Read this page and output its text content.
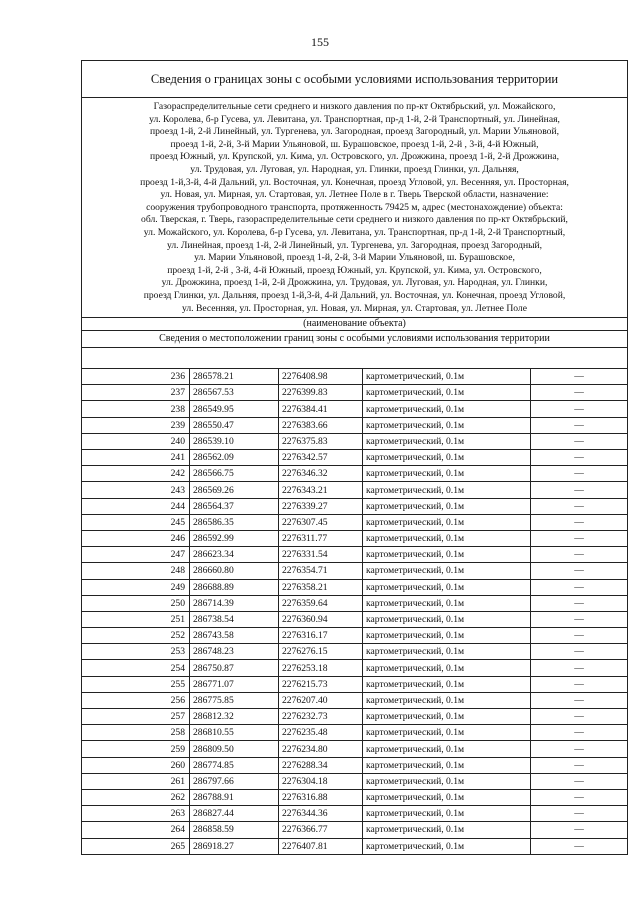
155
Сведения о границах зоны с особыми условиями использования территории
Газораспределительные сети среднего и низкого давления по пр-кт Октябрьский, ул. Можайского,
ул. Королева, б-р Гусева, ул. Левитана, ул. Транспортная, пр-д 1-й, 2-й Транспортный, ул. Линейная,
проезд 1-й, 2-й Линейный, ул. Тургенева, ул. Загородная, проезд Загородный, ул. Марии Ульяновой,
проезд 1-й, 2-й, 3-й Марии Ульяновой, ш. Бурашовское, проезд 1-й, 2-й , 3-й, 4-й Южный,
проезд Южный, ул. Крупской, ул. Кима, ул. Островского, ул. Дрожжина, проезд 1-й, 2-й Дрожжина,
ул. Трудовая, ул. Луговая, ул. Народная, ул. Глинки, проезд Глинки, ул. Дальняя,
проезд 1-й,3-й, 4-й Дальний, ул. Восточная, ул. Конечная, проезд Угловой, ул. Весенняя, ул. Просторная,
ул. Новая, ул. Мирная, ул. Стартовая, ул. Летнее Поле в г. Тверь Тверской области, назначение:
сооружения трубопроводного транспорта, протяженность 79425 м, адрес (местонахождение) объекта:
обл. Тверская, г. Тверь, газораспределительные сети среднего и низкого давления по пр-кт Октябрьский,
ул. Можайского, ул. Королева, б-р Гусева, ул. Левитана, ул. Транспортная, пр-д 1-й, 2-й Транспортный,
ул. Линейная, проезд 1-й, 2-й Линейный, ул. Тургенева, ул. Загородная, проезд Загородный,
ул. Марии Ульяновой, проезд 1-й, 2-й, 3-й Марии Ульяновой, ш. Бурашовское,
проезд 1-й, 2-й , 3-й, 4-й Южный, проезд Южный, ул. Крупской, ул. Кима, ул. Островского,
ул. Дрожжина, проезд 1-й, 2-й Дрожжина, ул. Трудовая, ул. Луговая, ул. Народная, ул. Глинки,
проезд Глинки, ул. Дальняя, проезд 1-й,3-й, 4-й Дальний, ул. Восточная, ул. Конечная, проезд Угловой,
ул. Весенняя, ул. Просторная, ул. Новая, ул. Мирная, ул. Стартовая, ул. Летнее Поле
(наименование объекта)
Сведения о местоположении границ зоны с особыми условиями использования территории
236	286578.21	2276408.98	картометрический, 0.1м	—
237	286567.53	2276399.83	картометрический, 0.1м	—
238	286549.95	2276384.41	картометрический, 0.1м	—
239	286550.47	2276383.66	картометрический, 0.1м	—
240	286539.10	2276375.83	картометрический, 0.1м	—
241	286562.09	2276342.57	картометрический, 0.1м	—
242	286566.75	2276346.32	картометрический, 0.1м	—
243	286569.26	2276343.21	картометрический, 0.1м	—
244	286564.37	2276339.27	картометрический, 0.1м	—
245	286586.35	2276307.45	картометрический, 0.1м	—
246	286592.99	2276311.77	картометрический, 0.1м	—
247	286623.34	2276331.54	картометрический, 0.1м	—
248	286660.80	2276354.71	картометрический, 0.1м	—
249	286688.89	2276358.21	картометрический, 0.1м	—
250	286714.39	2276359.64	картометрический, 0.1м	—
251	286738.54	2276360.94	картометрический, 0.1м	—
252	286743.58	2276316.17	картометрический, 0.1м	—
253	286748.23	2276276.15	картометрический, 0.1м	—
254	286750.87	2276253.18	картометрический, 0.1м	—
255	286771.07	2276215.73	картометрический, 0.1м	—
256	286775.85	2276207.40	картометрический, 0.1м	—
257	286812.32	2276232.73	картометрический, 0.1м	—
258	286810.55	2276235.48	картометрический, 0.1м	—
259	286809.50	2276234.80	картометрический, 0.1м	—
260	286774.85	2276288.34	картометрический, 0.1м	—
261	286797.66	2276304.18	картометрический, 0.1м	—
262	286788.91	2276316.88	картометрический, 0.1м	—
263	286827.44	2276344.36	картометрический, 0.1м	—
264	286858.59	2276366.77	картометрический, 0.1м	—
265	286918.27	2276407.81	картометрический, 0.1м	—
